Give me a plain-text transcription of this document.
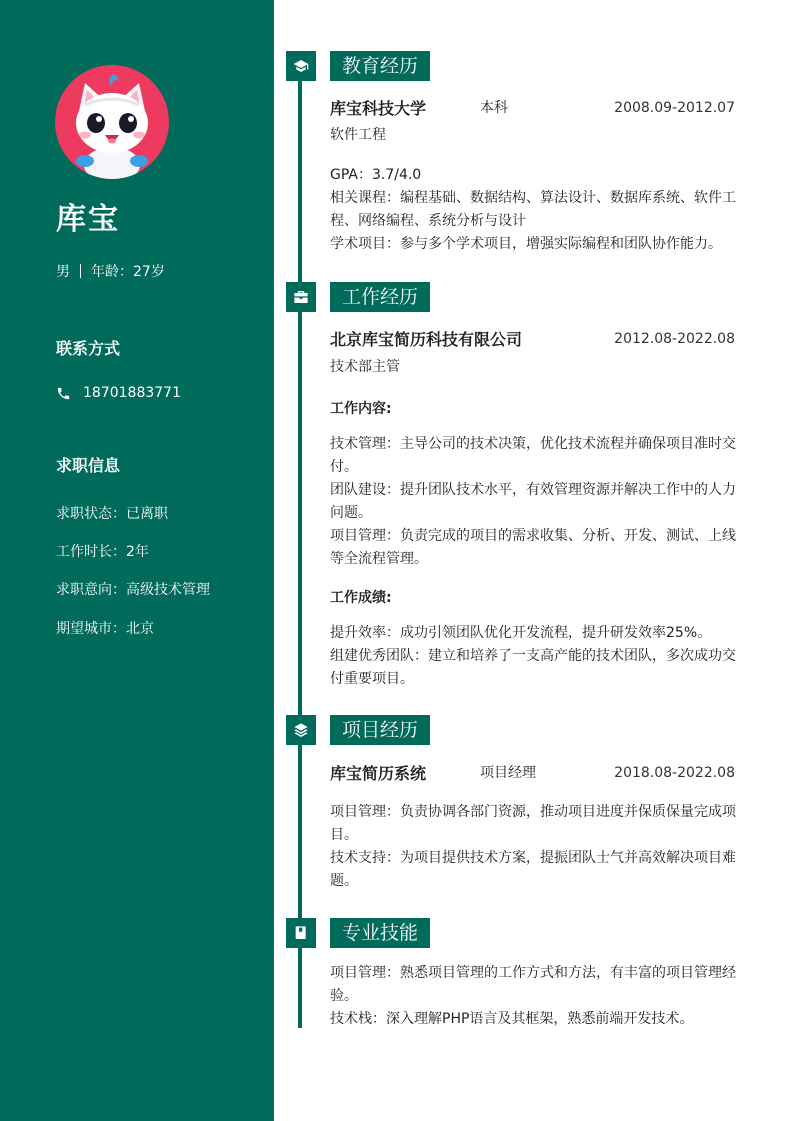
库宝
男 年龄：27岁
联系方式
18701883771
求职信息
求职状态：已离职
工作时长：2年
求职意向：高级技术管理
期望城市：北京
教育经历
库宝科技大学	本科	2008.09-2012.07
软件工程
GPA：3.7/4.0
相关课程：编程基础、数据结构、算法设计、数据库系统、软件工程、网络编程、系统分析与设计
学术项目：参与多个学术项目，增强实际编程和团队协作能力。
工作经历
北京库宝简历科技有限公司	2012.08-2022.08
技术部主管
工作内容:
技术管理：主导公司的技术决策，优化技术流程并确保项目准时交付。
团队建设：提升团队技术水平，有效管理资源并解决工作中的人力问题。
项目管理：负责完成的项目的需求收集、分析、开发、测试、上线等全流程管理。
工作成绩:
提升效率：成功引领团队优化开发流程，提升研发效率25%。
组建优秀团队：建立和培养了一支高产能的技术团队，多次成功交付重要项目。
项目经历
库宝简历系统	项目经理	2018.08-2022.08
项目管理：负责协调各部门资源，推动项目进度并保质保量完成项目。
技术支持：为项目提供技术方案，提振团队士气并高效解决项目难题。
专业技能
项目管理：熟悉项目管理的工作方式和方法，有丰富的项目管理经验。
技术栈：深入理解PHP语言及其框架，熟悉前端开发技术。
